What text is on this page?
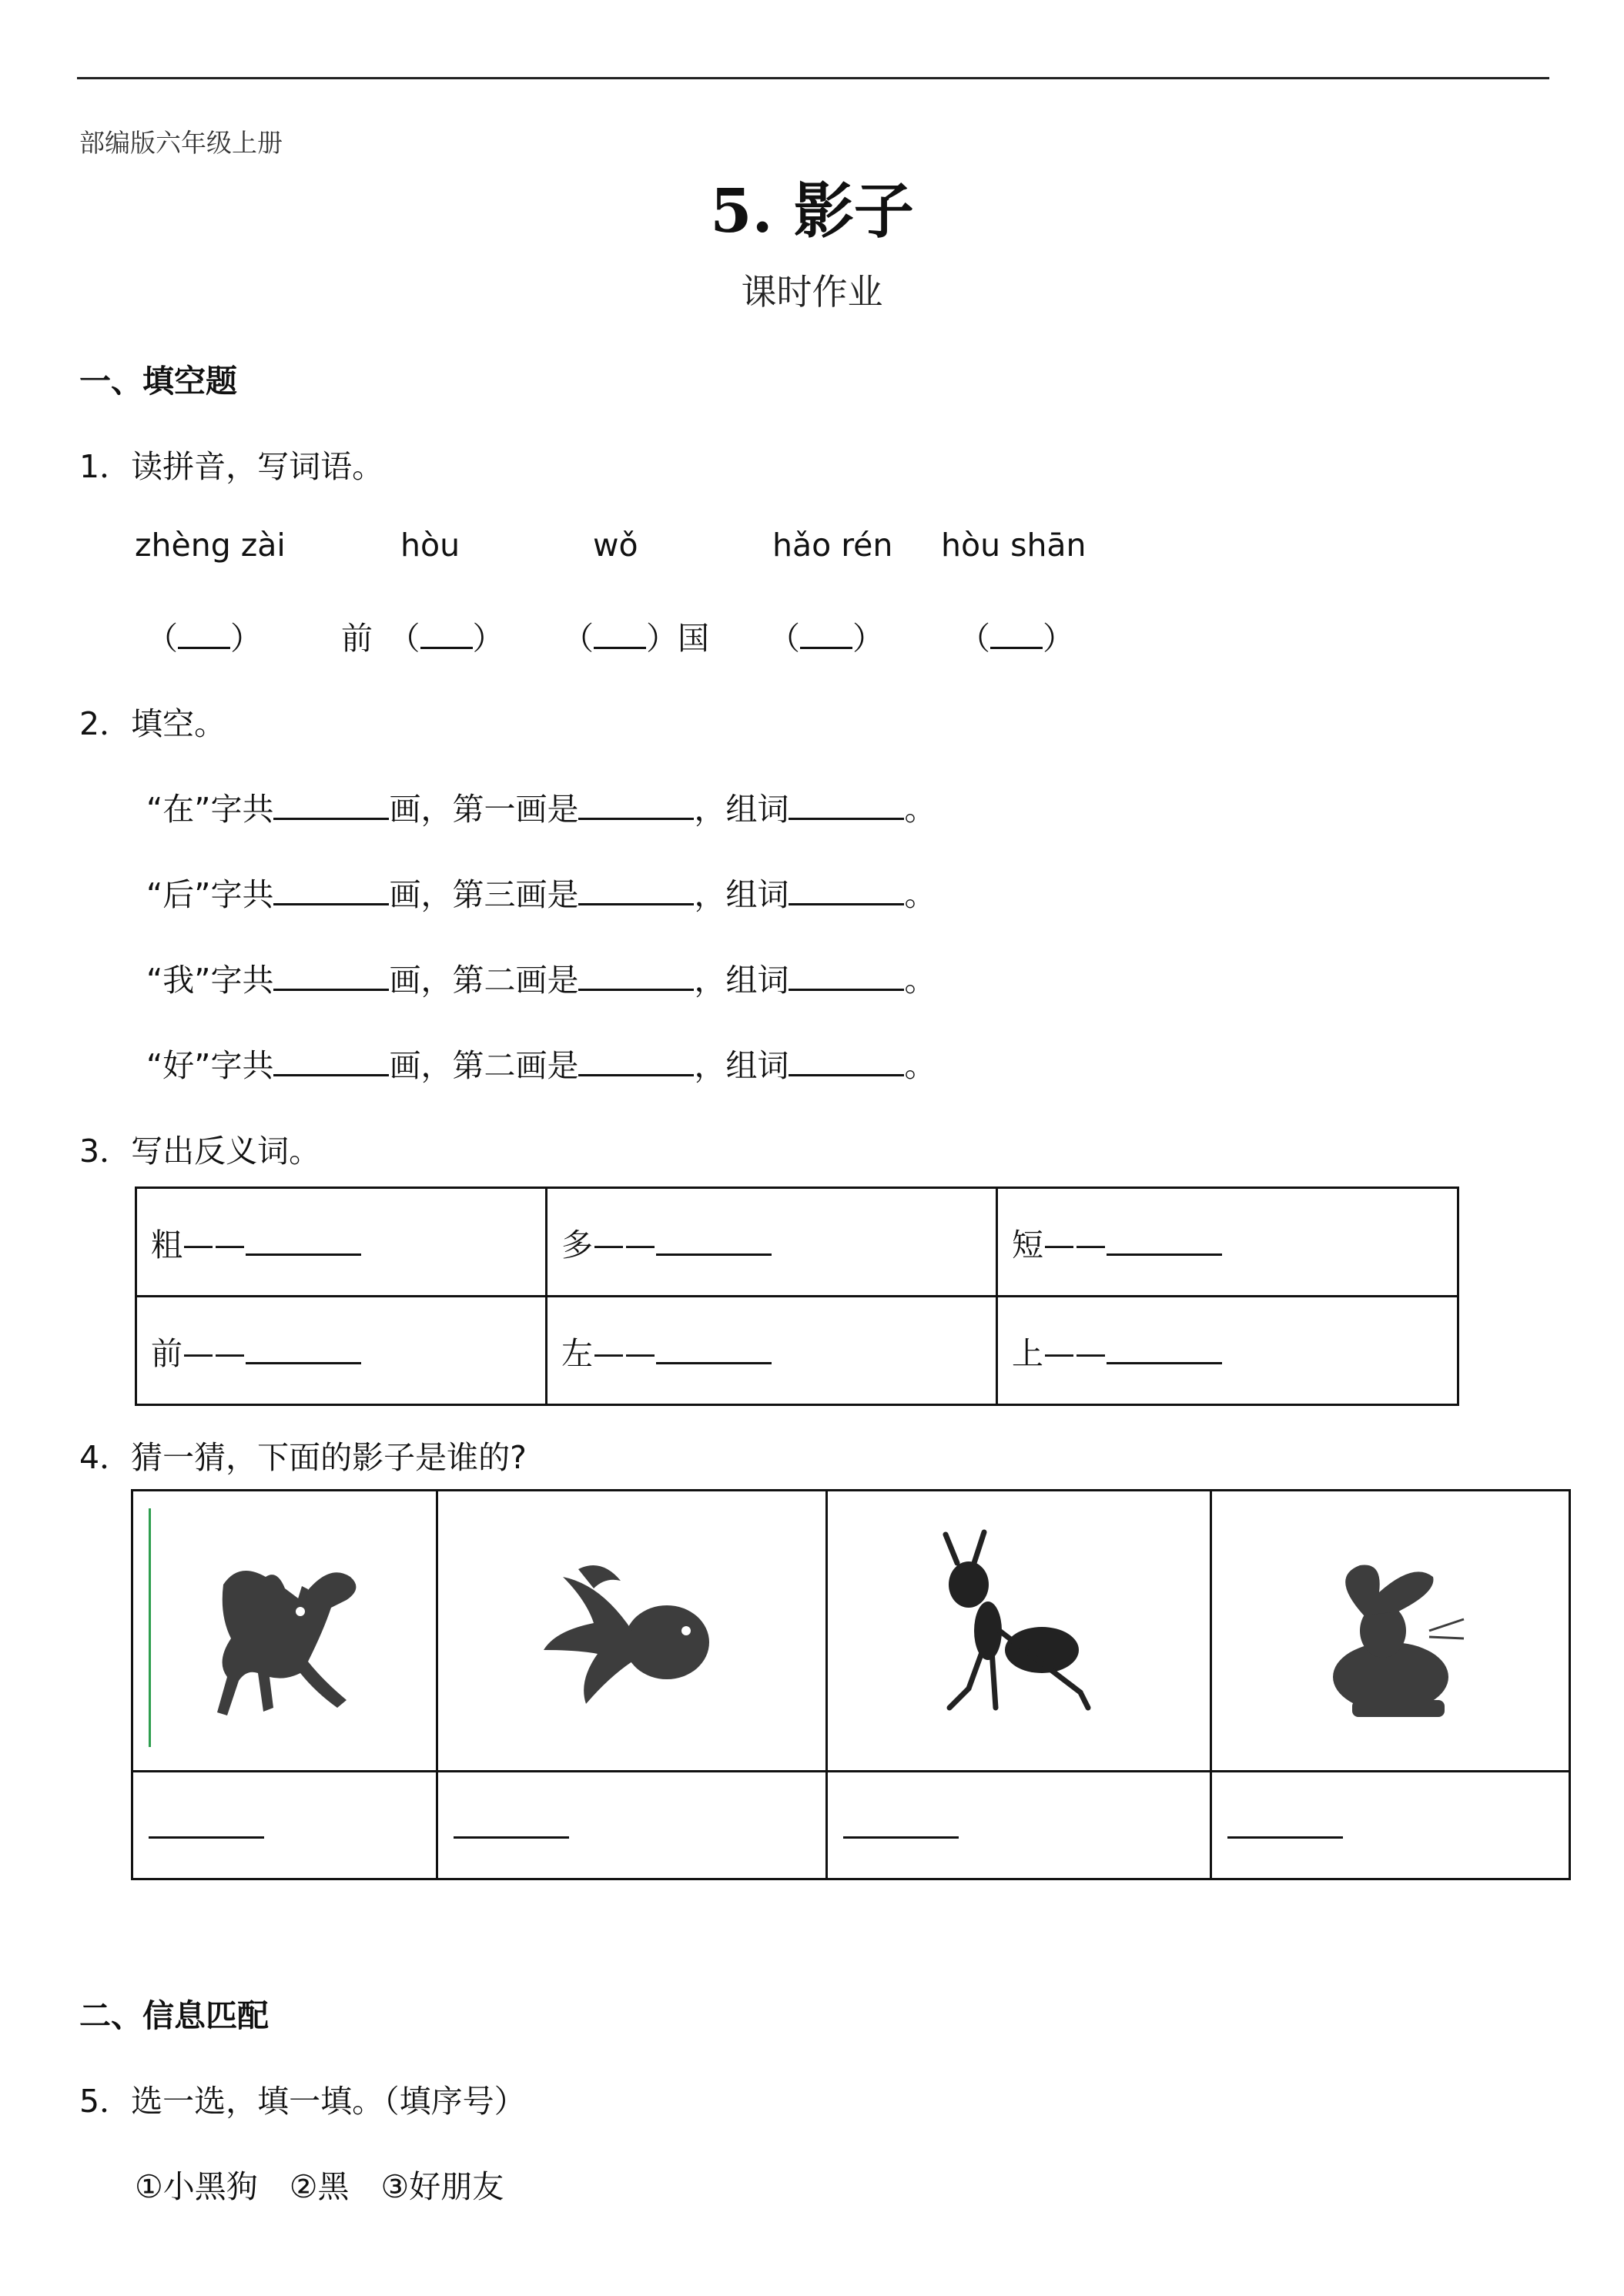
部编版六年级上册
5. 影子
课时作业
一、填空题
1．读拼音，写词语。
zhèng zài	hòu	wǒ	hǎo rén hòu shān
（ ）	前　（ ） （ ）国 （ ） （ ）
2．填空。
“在”字共	画，第一画是	，组词	。
“后”字共	画，第三画是	，组词	。
“我”字共	画，第二画是	，组词	。
“好”字共	画，第二画是	，组词	。
3．写出反义词。
粗——	多——	短——
前——	左——	上——
4．猜一猜，下面的影子是谁的?

二、信息匹配
5．选一选，填一填。（填序号）
①小黑狗　②黑　③好朋友
